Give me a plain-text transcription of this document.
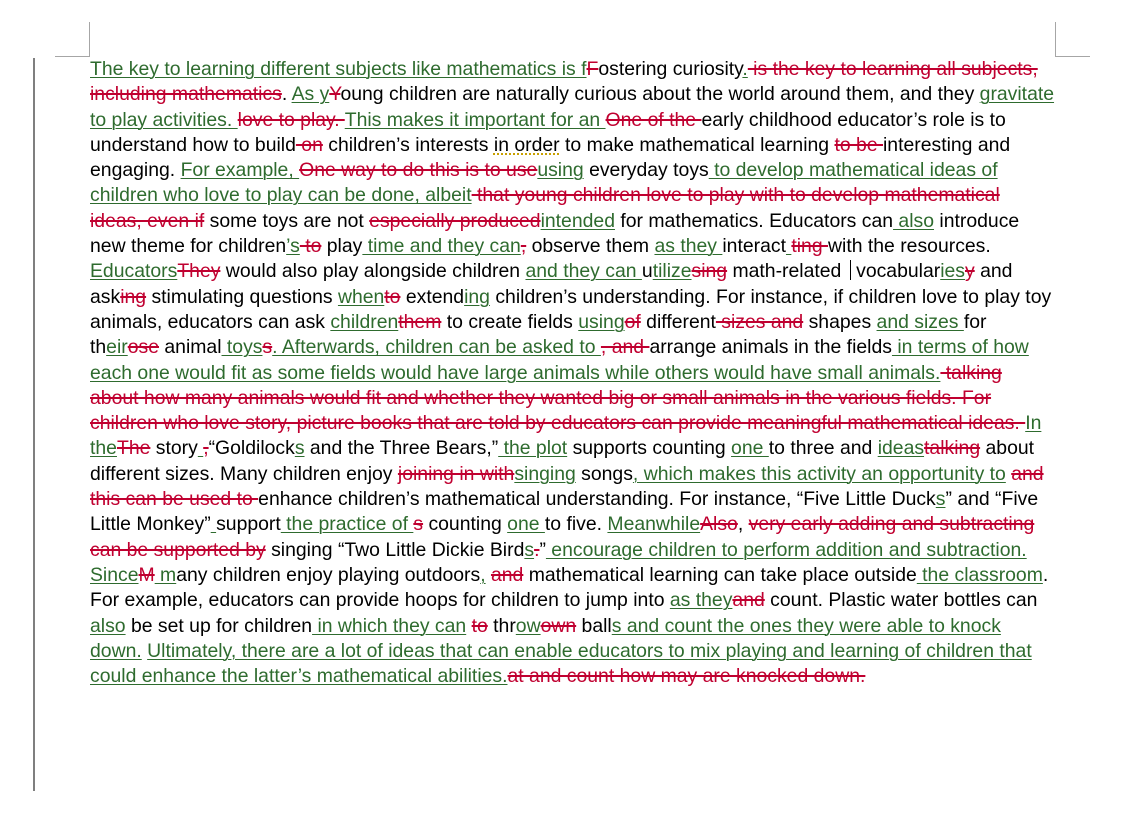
The key to learning different subjects like mathematics is fFostering curiosity. is the key to learning all subjects, including mathematics. As yYoung children are naturally curious about the world around them, and they gravitate to play activities. love to play. This makes it important for an One of the early childhood educator’s role is to understand how to build on children’s interests in order to make mathematical learning to be interesting and engaging. For example, One way to do this is to useusing everyday toys to develop mathematical ideas of children who love to play can be done, albeit that young children love to play with to develop mathematical ideas, even if some toys are not especially producedintended for mathematics. Educators can also introduce new theme for children’s to play time and they can, observe them as they interact ting with the resources. EducatorsThey would also play alongside children and they can utilizesing math-related  vocabulariesy and asking stimulating questions whento extending children’s understanding. For instance, if children love to play toy animals, educators can ask childrenthem to create fields usingof different sizes and shapes and sizes for theirose animal toyss. Afterwards, children can be asked to , and arrange animals in the fields in terms of how each one would fit as some fields would have large animals while others would have small animals. talking about how many animals would fit and whether they wanted big or small animals in the various fields. For children who love story, picture books that are told by educators can provide meaningful mathematical ideas. In theThe story ,“Goldilocks and the Three Bears,” the plot supports counting one to three and ideastalking about different sizes. Many children enjoy joining in withsinging songs, which makes this activity an opportunity to and this can be used to enhance children’s mathematical understanding. For instance, “Five Little Ducks” and “Five Little Monkey” support the practice of s counting one to five. MeanwhileAlso, very early adding and subtracting can be supported by singing “Two Little Dickie Birds.” encourage children to perform addition and subtraction. SinceM many children enjoy playing outdoors, and mathematical learning can take place outside the classroom. For example, educators can provide hoops for children to jump into as theyand count. Plastic water bottles can also be set up for children in which they can to throwown balls and count the ones they were able to knock down. Ultimately, there are a lot of ideas that can enable educators to mix playing and learning of children that could enhance the latter’s mathematical abilities.at and count how may are knocked down.
